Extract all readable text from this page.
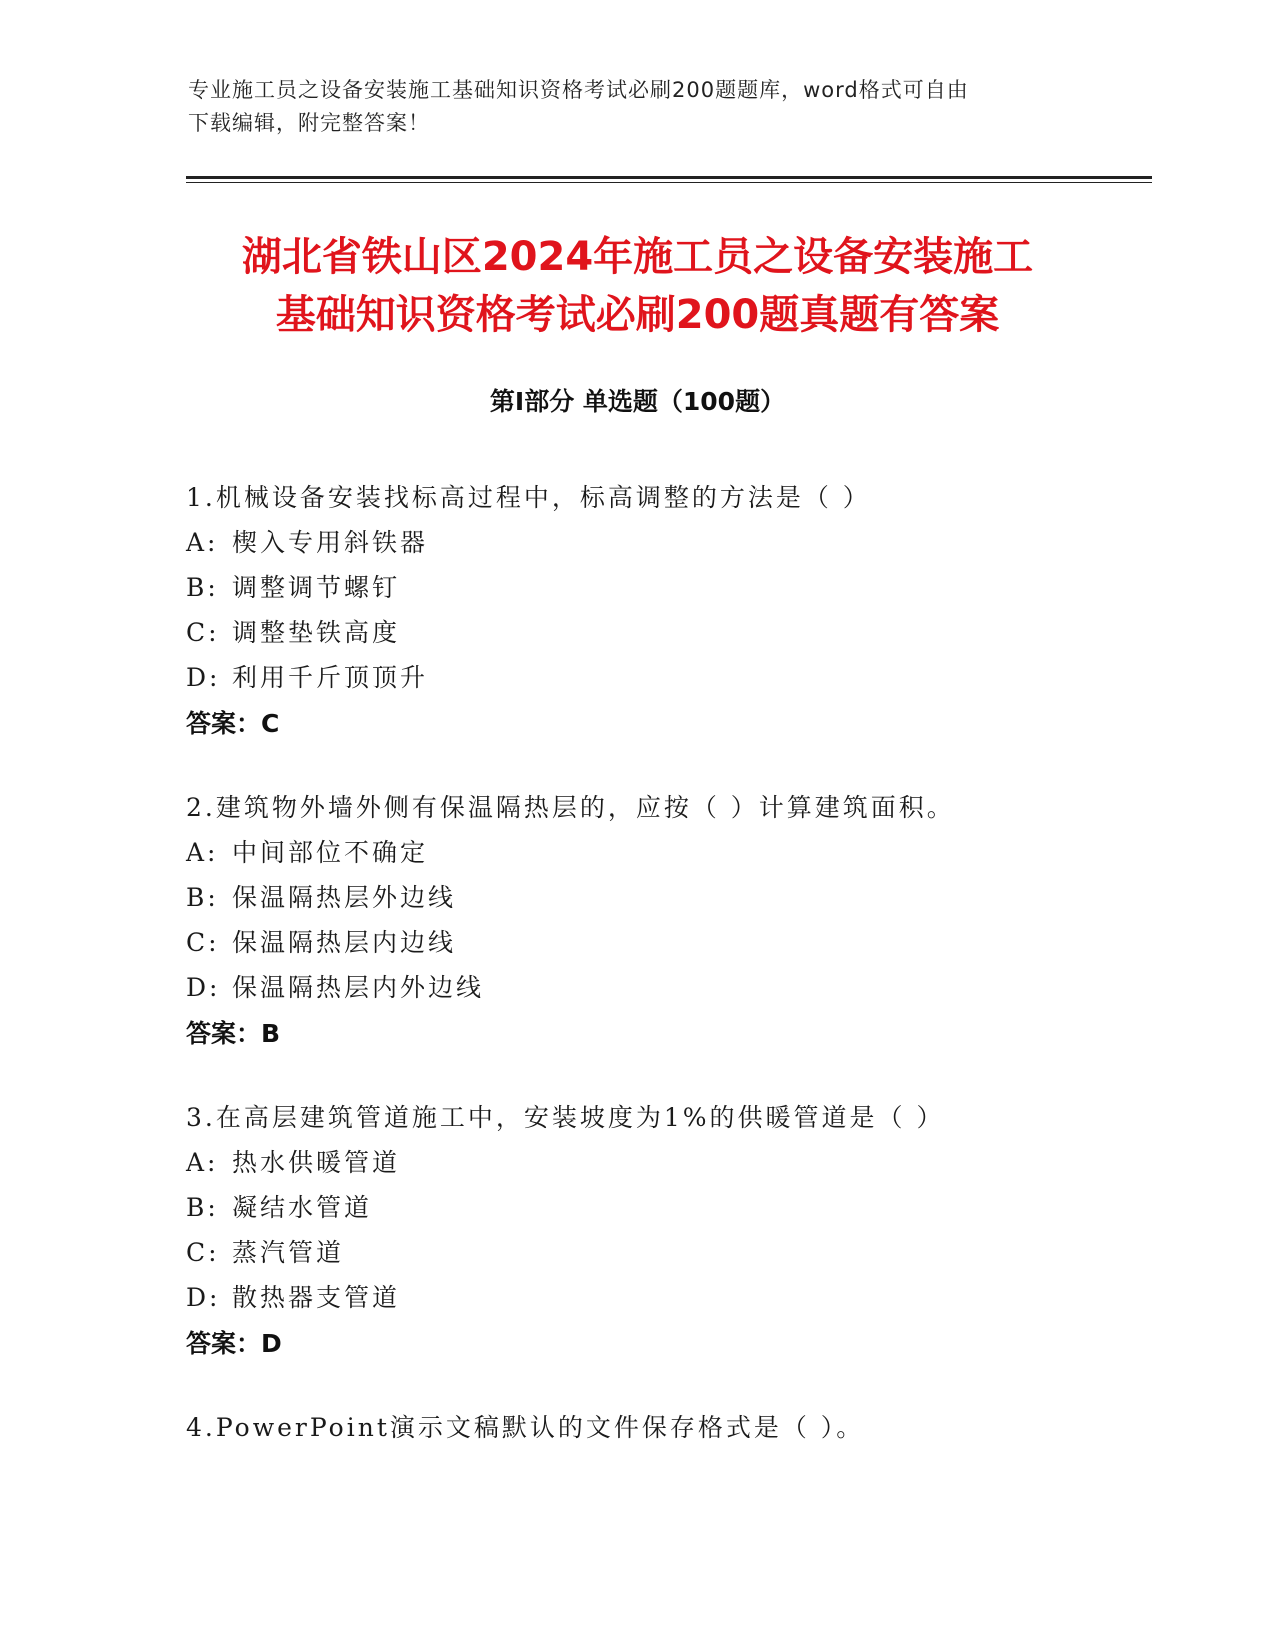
专业施工员之设备安装施工基础知识资格考试必刷200题题库，word格式可自由
下载编辑，附完整答案！
湖北省铁山区2024年施工员之设备安装施工
基础知识资格考试必刷200题真题有答案
第Ⅰ部分 单选题（100题）
1.机械设备安装找标高过程中，标高调整的方法是（ ）
A: 楔入专用斜铁器
B: 调整调节螺钉
C: 调整垫铁高度
D: 利用千斤顶顶升
答案：C
2.建筑物外墙外侧有保温隔热层的，应按（ ）计算建筑面积。
A: 中间部位不确定
B: 保温隔热层外边线
C: 保温隔热层内边线
D: 保温隔热层内外边线
答案：B
3.在高层建筑管道施工中，安装坡度为1%的供暖管道是（ ）
A: 热水供暖管道
B: 凝结水管道
C: 蒸汽管道
D: 散热器支管道
答案：D
4.PowerPoint演示文稿默认的文件保存格式是（ ）。
